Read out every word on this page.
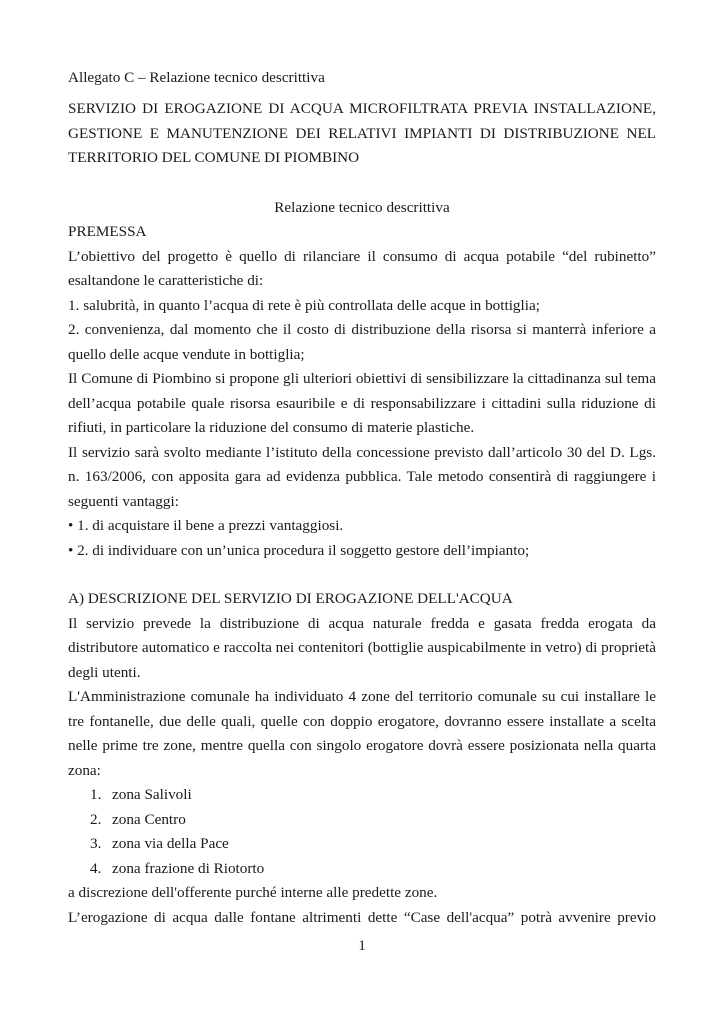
Allegato C – Relazione tecnico descrittiva

SERVIZIO DI EROGAZIONE DI ACQUA MICROFILTRATA PREVIA INSTALLAZIONE, GESTIONE E MANUTENZIONE DEI RELATIVI IMPIANTI DI DISTRIBUZIONE NEL TERRITORIO DEL COMUNE DI PIOMBINO

Relazione tecnico descrittiva

PREMESSA

L’obiettivo del progetto è quello di rilanciare il consumo di acqua potabile “del rubinetto” esaltandone le caratteristiche di:

1. salubrità, in quanto l’acqua di rete è più controllata delle acque in bottiglia;

2. convenienza, dal momento che il costo di distribuzione della risorsa si manterrà inferiore a quello delle acque vendute in bottiglia;

Il Comune di Piombino si propone gli ulteriori obiettivi di sensibilizzare la cittadinanza sul tema dell’acqua potabile quale risorsa esauribile e di responsabilizzare i cittadini sulla riduzione di rifiuti, in particolare la riduzione del consumo di materie plastiche.

Il servizio sarà svolto mediante l’istituto della concessione previsto dall’articolo 30 del D. Lgs. n. 163/2006, con apposita gara ad evidenza pubblica. Tale metodo consentirà di raggiungere i seguenti vantaggi:

• 1. di acquistare il bene a prezzi vantaggiosi.

• 2. di individuare con un’unica procedura il soggetto gestore dell’impianto;

A) DESCRIZIONE DEL SERVIZIO DI EROGAZIONE DELL'ACQUA

Il servizio prevede la distribuzione di acqua naturale fredda e gasata fredda erogata da distributore automatico e raccolta nei contenitori (bottiglie auspicabilmente in vetro) di proprietà degli utenti.

L'Amministrazione comunale ha individuato 4 zone del territorio comunale su cui installare le tre fontanelle, due delle quali, quelle con doppio erogatore, dovranno essere installate a scelta nelle prime tre zone, mentre quella con singolo erogatore dovrà essere posizionata nella quarta zona:

1. zona Salivoli
2. zona Centro
3. zona via della Pace
4. zona frazione di Riotorto

a discrezione dell'offerente purché interne alle predette zone.

L’erogazione di acqua dalle fontane altrimenti dette “Case dell'acqua” potrà avvenire previo

1
